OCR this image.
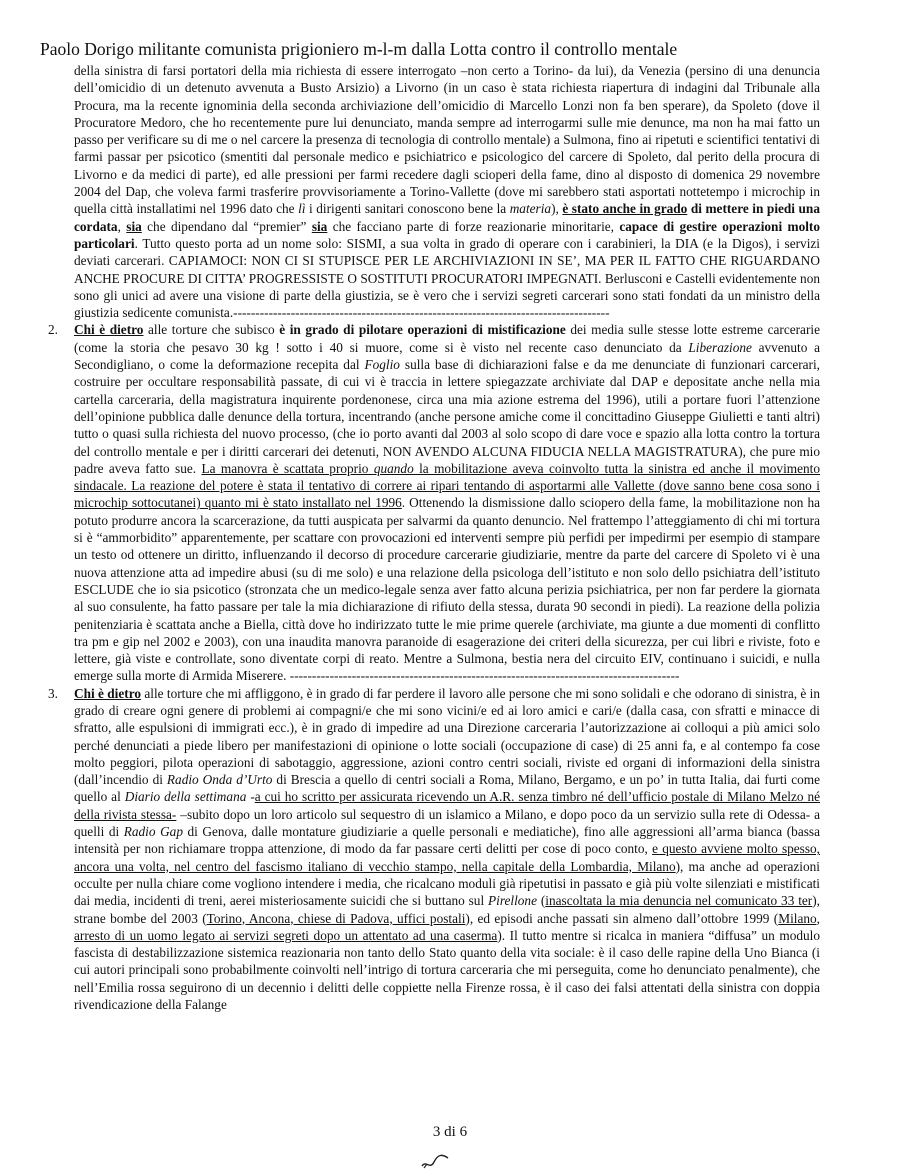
Paolo Dorigo militante comunista prigioniero m-l-m dalla Lotta contro il controllo mentale

della sinistra di farsi portatori della mia richiesta di essere interrogato –non certo a Torino- da lui), da Venezia (persino di una denuncia dell’omicidio di un detenuto avvenuta a Busto Arsizio) a Livorno (in un caso è stata richiesta riapertura di indagini dal Tribunale alla Procura, ma la recente ignominia della seconda archiviazione dell’omicidio di Marcello Lonzi non fa ben sperare), da Spoleto (dove il Procuratore Medoro, che ho recentemente pure lui denunciato, manda sempre ad interrogarmi sulle mie denunce, ma non ha mai fatto un passo per verificare su di me o nel carcere la presenza di tecnologia di controllo mentale) a Sulmona, fino ai ripetuti e scientifici tentativi di farmi passar per psicotico (smentiti dal personale medico e psichiatrico e psicologico del carcere di Spoleto, dal perito della procura di Livorno e da medici di parte), ed alle pressioni per farmi recedere dagli scioperi della fame, dino al disposto di domenica 29 novembre 2004 del Dap, che voleva farmi trasferire provvisoriamente a Torino-Vallette (dove mi sarebbero stati asportati nottetempo i microchip in quella città installatimi nel 1996 dato che lì i dirigenti sanitari conoscono bene la materia), è stato anche in grado di mettere in piedi una cordata, sia che dipendano dal “premier” sia che facciano parte di forze reazionarie minoritarie, capace di gestire operazioni molto particolari. Tutto questo porta ad un nome solo: SISMI, a sua volta in grado di operare con i carabinieri, la DIA (e la Digos), i servizi deviati carcerari. CAPIAMOCI: NON CI SI STUPISCE PER LE ARCHIVIAZIONI IN SE’, MA PER IL FATTO CHE RIGUARDANO ANCHE PROCURE DI CITTA’ PROGRESSISTE O SOSTITUTI PROCURATORI IMPEGNATI. Berlusconi e Castelli evidentemente non sono gli unici ad avere una visione di parte della giustizia, se è vero che i servizi segreti carcerari sono stati fondati da un ministro della giustizia sedicente comunista.-------------------------------------------------------------------------------------

2. Chi è dietro alle torture che subisco è in grado di pilotare operazioni di mistificazione dei media sulle stesse lotte estreme carcerarie (come la storia che pesavo 30 kg ! sotto i 40 si muore, come si è visto nel recente caso denunciato da Liberazione avvenuto a Secondigliano, o come la deformazione recepita dal Foglio sulla base di dichiarazioni false e da me denunciate di funzionari carcerari, costruire per occultare responsabilità passate, di cui vi è traccia in lettere spiegazzate archiviate dal DAP e depositate anche nella mia cartella carceraria, della magistratura inquirente pordenonese, circa una mia azione estrema del 1996), utili a portare fuori l’attenzione dell’opinione pubblica dalle denunce della tortura, incentrando (anche persone amiche come il concittadino Giuseppe Giulietti e tanti altri) tutto o quasi sulla richiesta del nuovo processo, (che io porto avanti dal 2003 al solo scopo di dare voce e spazio alla lotta contro la tortura del controllo mentale e per i diritti carcerari dei detenuti, NON AVENDO ALCUNA FIDUCIA NELLA MAGISTRATURA), che pure mio padre aveva fatto sue. La manovra è scattata proprio quando la mobilitazione aveva coinvolto tutta la sinistra ed anche il movimento sindacale. La reazione del potere è stata il tentativo di correre ai ripari tentando di asportarmi alle Vallette (dove sanno bene cosa sono i microchip sottocutanei) quanto mi è stato installato nel 1996. Ottenendo la dismissione dallo sciopero della fame, la mobilitazione non ha potuto produrre ancora la scarcerazione, da tutti auspicata per salvarmi da quanto denuncio. Nel frattempo l’atteggiamento di chi mi tortura si è “ammorbidito” apparentemente, per scattare con provocazioni ed interventi sempre più perfidi per impedirmi per esempio di stampare un testo od ottenere un diritto, influenzando il decorso di procedure carcerarie giudiziarie, mentre da parte del carcere di Spoleto vi è una nuova attenzione atta ad impedire abusi (su di me solo) e una relazione della psicologa dell’istituto e non solo dello psichiatra dell’istituto ESCLUDE che io sia psicotico (stronzata che un medico-legale senza aver fatto alcuna perizia psichiatrica, per non far perdere la giornata al suo consulente, ha fatto passare per tale la mia dichiarazione di rifiuto della stessa, durata 90 secondi in piedi). La reazione della polizia penitenziaria è scattata anche a Biella, città dove ho indirizzato tutte le mie prime querele (archiviate, ma giunte a due momenti di conflitto tra pm e gip nel 2002 e 2003), con una inaudita manovra paranoide di esagerazione dei criteri della sicurezza, per cui libri e riviste, foto e lettere, già viste e controllate, sono diventate corpi di reato. Mentre a Sulmona, bestia nera del circuito EIV, continuano i suicidi, e nulla emerge sulla morte di Armida Miserere. ----------------------------------------------------------------------------------------

3. Chi è dietro alle torture che mi affliggono, è in grado di far perdere il lavoro alle persone che mi sono solidali e che odorano di sinistra, è in grado di creare ogni genere di problemi ai compagni/e che mi sono vicini/e ed ai loro amici e cari/e (dalla casa, con sfratti e minacce di sfratto, alle espulsioni di immigrati ecc.), è in grado di impedire ad una Direzione carceraria l’autorizzazione ai colloqui a più amici solo perché denunciati a piede libero per manifestazioni di opinione o lotte sociali (occupazione di case) di 25 anni fa, e al contempo fa cose molto peggiori, pilota operazioni di sabotaggio, aggressione, azioni contro centri sociali, riviste ed organi di informazioni della sinistra (dall’incendio di Radio Onda d’Urto di Brescia a quello di centri sociali a Roma, Milano, Bergamo, e un po’ in tutta Italia, dai furti come quello al Diario della settimana -a cui ho scritto per assicurata ricevendo un A.R. senza timbro né dell’ufficio postale di Milano Melzo né della rivista stessa- –subito dopo un loro articolo sul sequestro di un islamico a Milano, e dopo poco da un servizio sulla rete di Odessa- a quelli di Radio Gap di Genova, dalle montature giudiziarie a quelle personali e mediatiche), fino alle aggressioni all’arma bianca (bassa intensità per non richiamare troppa attenzione, di modo da far passare certi delitti per cose di poco conto, e questo avviene molto spesso, ancora una volta, nel centro del fascismo italiano di vecchio stampo, nella capitale della Lombardia, Milano), ma anche ad operazioni occulte per nulla chiare come vogliono intendere i media, che ricalcano moduli già ripetutisi in passato e già più volte silenziati e mistificati dai media, incidenti di treni, aerei misteriosamente suicidi che si buttano sul Pirellone (inascoltata la mia denuncia nel comunicato 33 ter), strane bombe del 2003 (Torino, Ancona, chiese di Padova, uffici postali), ed episodi anche passati sin almeno dall’ottobre 1999 (Milano, arresto di un uomo legato ai servizi segreti dopo un attentato ad una caserma). Il tutto mentre si ricalca in maniera “diffusa” un modulo fascista di destabilizzazione sistemica reazionaria non tanto dello Stato quanto della vita sociale: è il caso delle rapine della Uno Bianca (i cui autori principali sono probabilmente coinvolti nell’intrigo di tortura carceraria che mi perseguita, come ho denunciato penalmente), che nell’Emilia rossa seguirono di un decennio i delitti delle coppiette nella Firenze rossa, è il caso dei falsi attentati della sinistra con doppia rivendicazione della Falange

3 di 6
